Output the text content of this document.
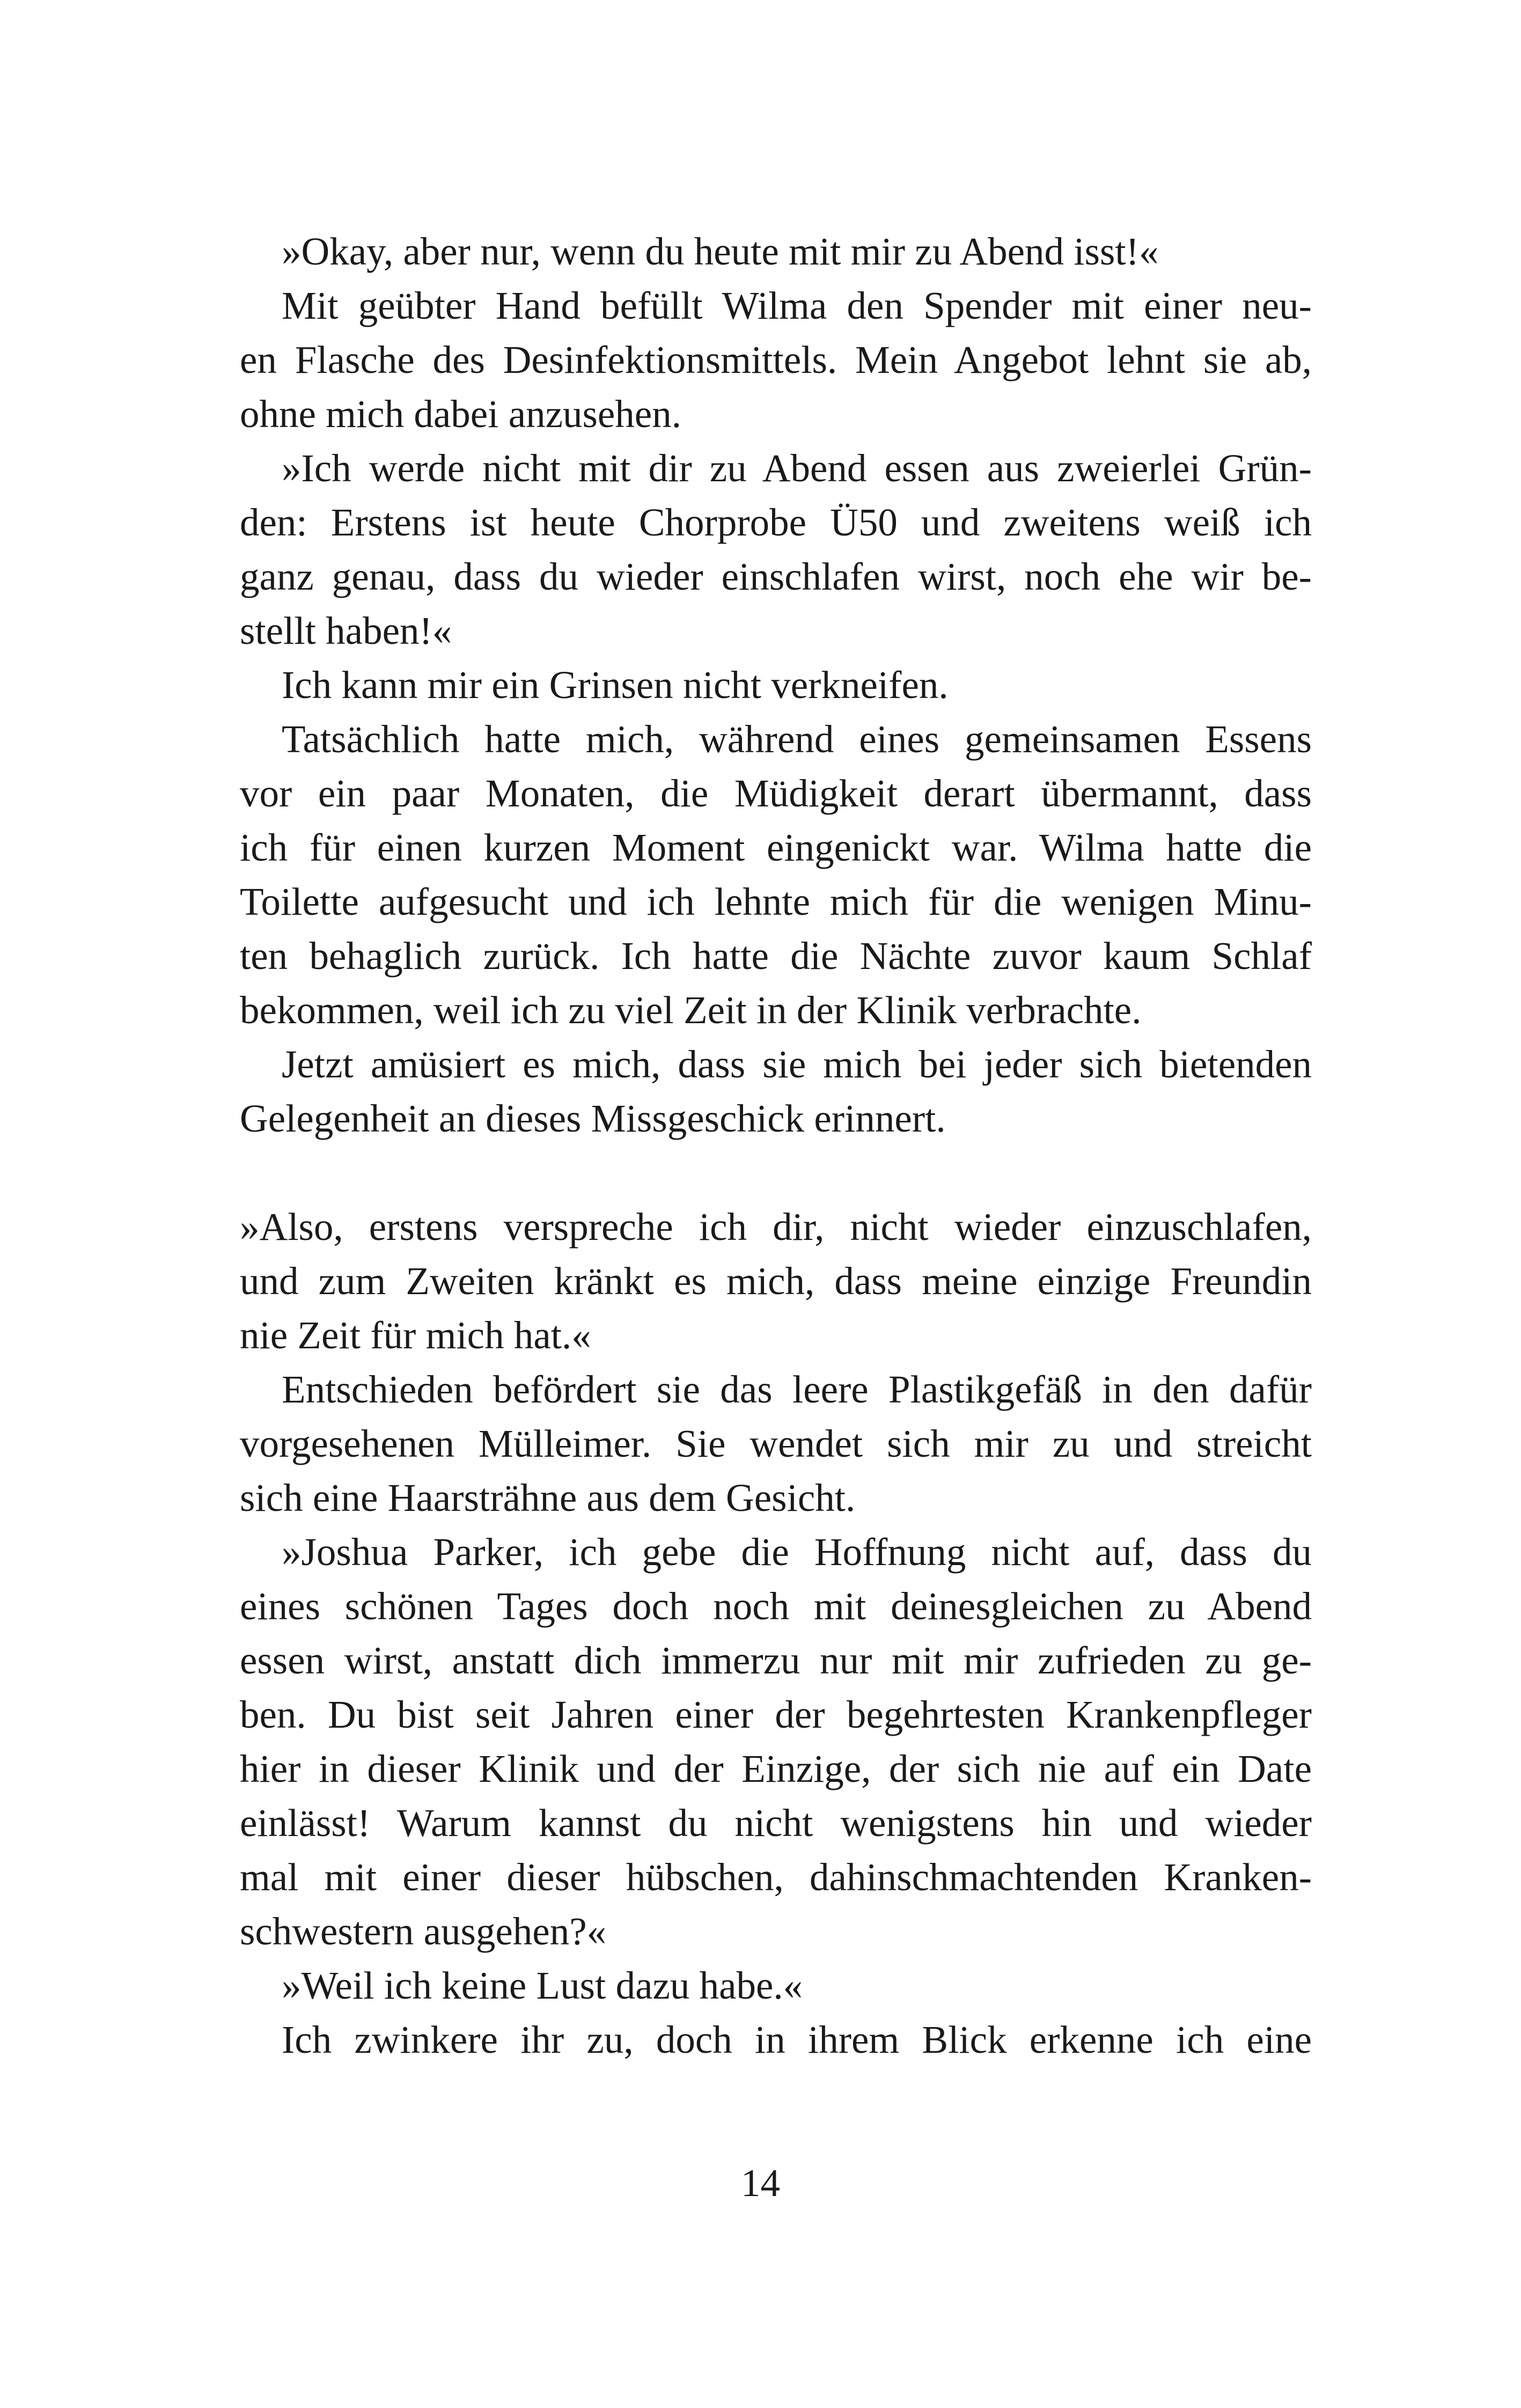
»Okay, aber nur, wenn du heute mit mir zu Abend isst!«
Mit geübter Hand befüllt Wilma den Spender mit einer neu-
en Flasche des Desinfektionsmittels. Mein Angebot lehnt sie ab,
ohne mich dabei anzusehen.
»Ich werde nicht mit dir zu Abend essen aus zweierlei Grün-
den: Erstens ist heute Chorprobe Ü50 und zweitens weiß ich
ganz genau, dass du wieder einschlafen wirst, noch ehe wir be-
stellt haben!«
Ich kann mir ein Grinsen nicht verkneifen.
Tatsächlich hatte mich, während eines gemeinsamen Essens
vor ein paar Monaten, die Müdigkeit derart übermannt, dass
ich für einen kurzen Moment eingenickt war. Wilma hatte die
Toilette aufgesucht und ich lehnte mich für die wenigen Minu-
ten behaglich zurück. Ich hatte die Nächte zuvor kaum Schlaf
bekommen, weil ich zu viel Zeit in der Klinik verbrachte.
Jetzt amüsiert es mich, dass sie mich bei jeder sich bietenden
Gelegenheit an dieses Missgeschick erinnert.
»Also, erstens verspreche ich dir, nicht wieder einzuschlafen,
und zum Zweiten kränkt es mich, dass meine einzige Freundin
nie Zeit für mich hat.«
Entschieden befördert sie das leere Plastikgefäß in den dafür
vorgesehenen Mülleimer. Sie wendet sich mir zu und streicht
sich eine Haarsträhne aus dem Gesicht.
»Joshua Parker, ich gebe die Hoffnung nicht auf, dass du
eines schönen Tages doch noch mit deinesgleichen zu Abend
essen wirst, anstatt dich immerzu nur mit mir zufrieden zu ge-
ben. Du bist seit Jahren einer der begehrtesten Krankenpfleger
hier in dieser Klinik und der Einzige, der sich nie auf ein Date
einlässt! Warum kannst du nicht wenigstens hin und wieder
mal mit einer dieser hübschen, dahinschmachtenden Kranken-
schwestern ausgehen?«
»Weil ich keine Lust dazu habe.«
Ich zwinkere ihr zu, doch in ihrem Blick erkenne ich eine
14
